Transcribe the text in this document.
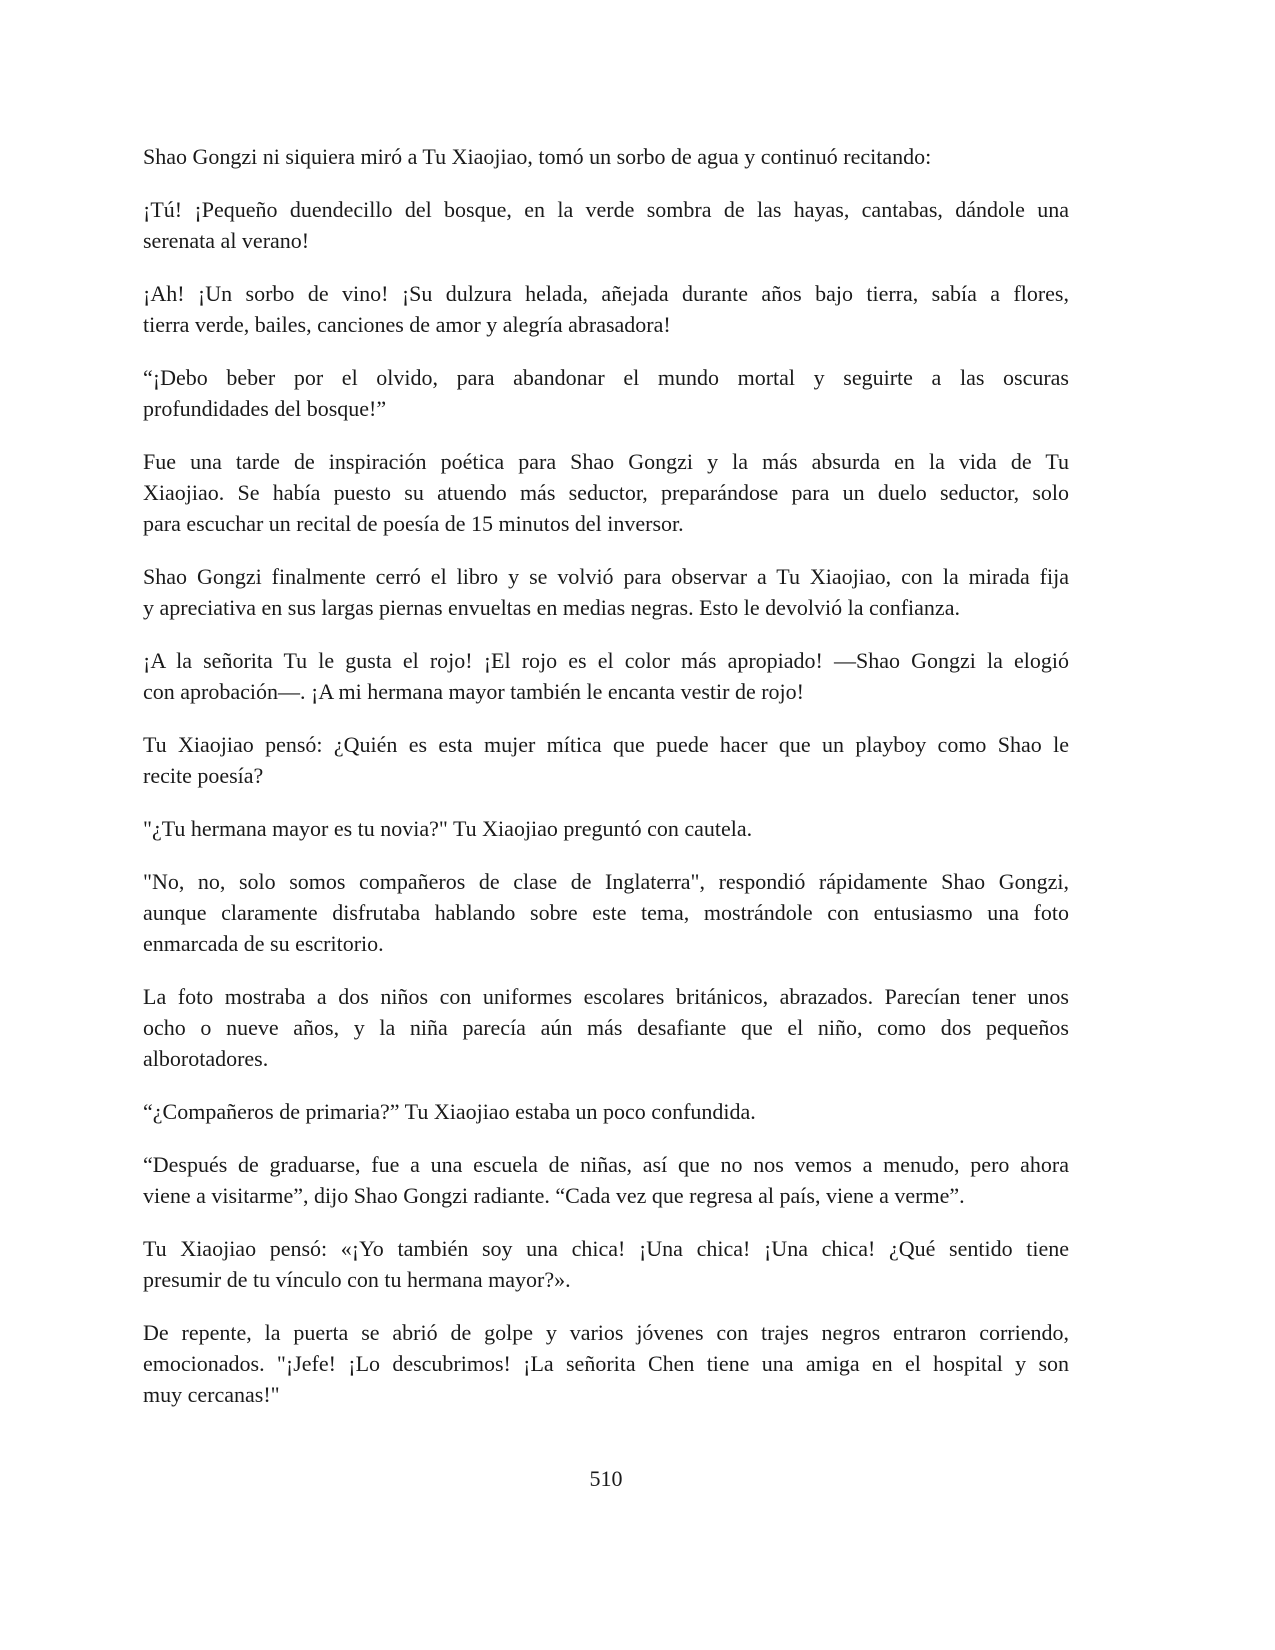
Shao Gongzi ni siquiera miró a Tu Xiaojiao, tomó un sorbo de agua y continuó recitando:
¡Tú! ¡Pequeño duendecillo del bosque, en la verde sombra de las hayas, cantabas, dándole una
serenata al verano!
¡Ah! ¡Un sorbo de vino! ¡Su dulzura helada, añejada durante años bajo tierra, sabía a flores,
tierra verde, bailes, canciones de amor y alegría abrasadora!
“¡Debo beber por el olvido, para abandonar el mundo mortal y seguirte a las oscuras
profundidades del bosque!”
Fue una tarde de inspiración poética para Shao Gongzi y la más absurda en la vida de Tu
Xiaojiao. Se había puesto su atuendo más seductor, preparándose para un duelo seductor, solo
para escuchar un recital de poesía de 15 minutos del inversor.
Shao Gongzi finalmente cerró el libro y se volvió para observar a Tu Xiaojiao, con la mirada fija
y apreciativa en sus largas piernas envueltas en medias negras. Esto le devolvió la confianza.
¡A la señorita Tu le gusta el rojo! ¡El rojo es el color más apropiado! —Shao Gongzi la elogió
con aprobación—. ¡A mi hermana mayor también le encanta vestir de rojo!
Tu Xiaojiao pensó: ¿Quién es esta mujer mítica que puede hacer que un playboy como Shao le
recite poesía?
"¿Tu hermana mayor es tu novia?" Tu Xiaojiao preguntó con cautela.
"No, no, solo somos compañeros de clase de Inglaterra", respondió rápidamente Shao Gongzi,
aunque claramente disfrutaba hablando sobre este tema, mostrándole con entusiasmo una foto
enmarcada de su escritorio.
La foto mostraba a dos niños con uniformes escolares británicos, abrazados. Parecían tener unos
ocho o nueve años, y la niña parecía aún más desafiante que el niño, como dos pequeños
alborotadores.
“¿Compañeros de primaria?” Tu Xiaojiao estaba un poco confundida.
“Después de graduarse, fue a una escuela de niñas, así que no nos vemos a menudo, pero ahora
viene a visitarme”, dijo Shao Gongzi radiante. “Cada vez que regresa al país, viene a verme”.
Tu Xiaojiao pensó: «¡Yo también soy una chica! ¡Una chica! ¡Una chica! ¿Qué sentido tiene
presumir de tu vínculo con tu hermana mayor?».
De repente, la puerta se abrió de golpe y varios jóvenes con trajes negros entraron corriendo,
emocionados. "¡Jefe! ¡Lo descubrimos! ¡La señorita Chen tiene una amiga en el hospital y son
muy cercanas!"
510
